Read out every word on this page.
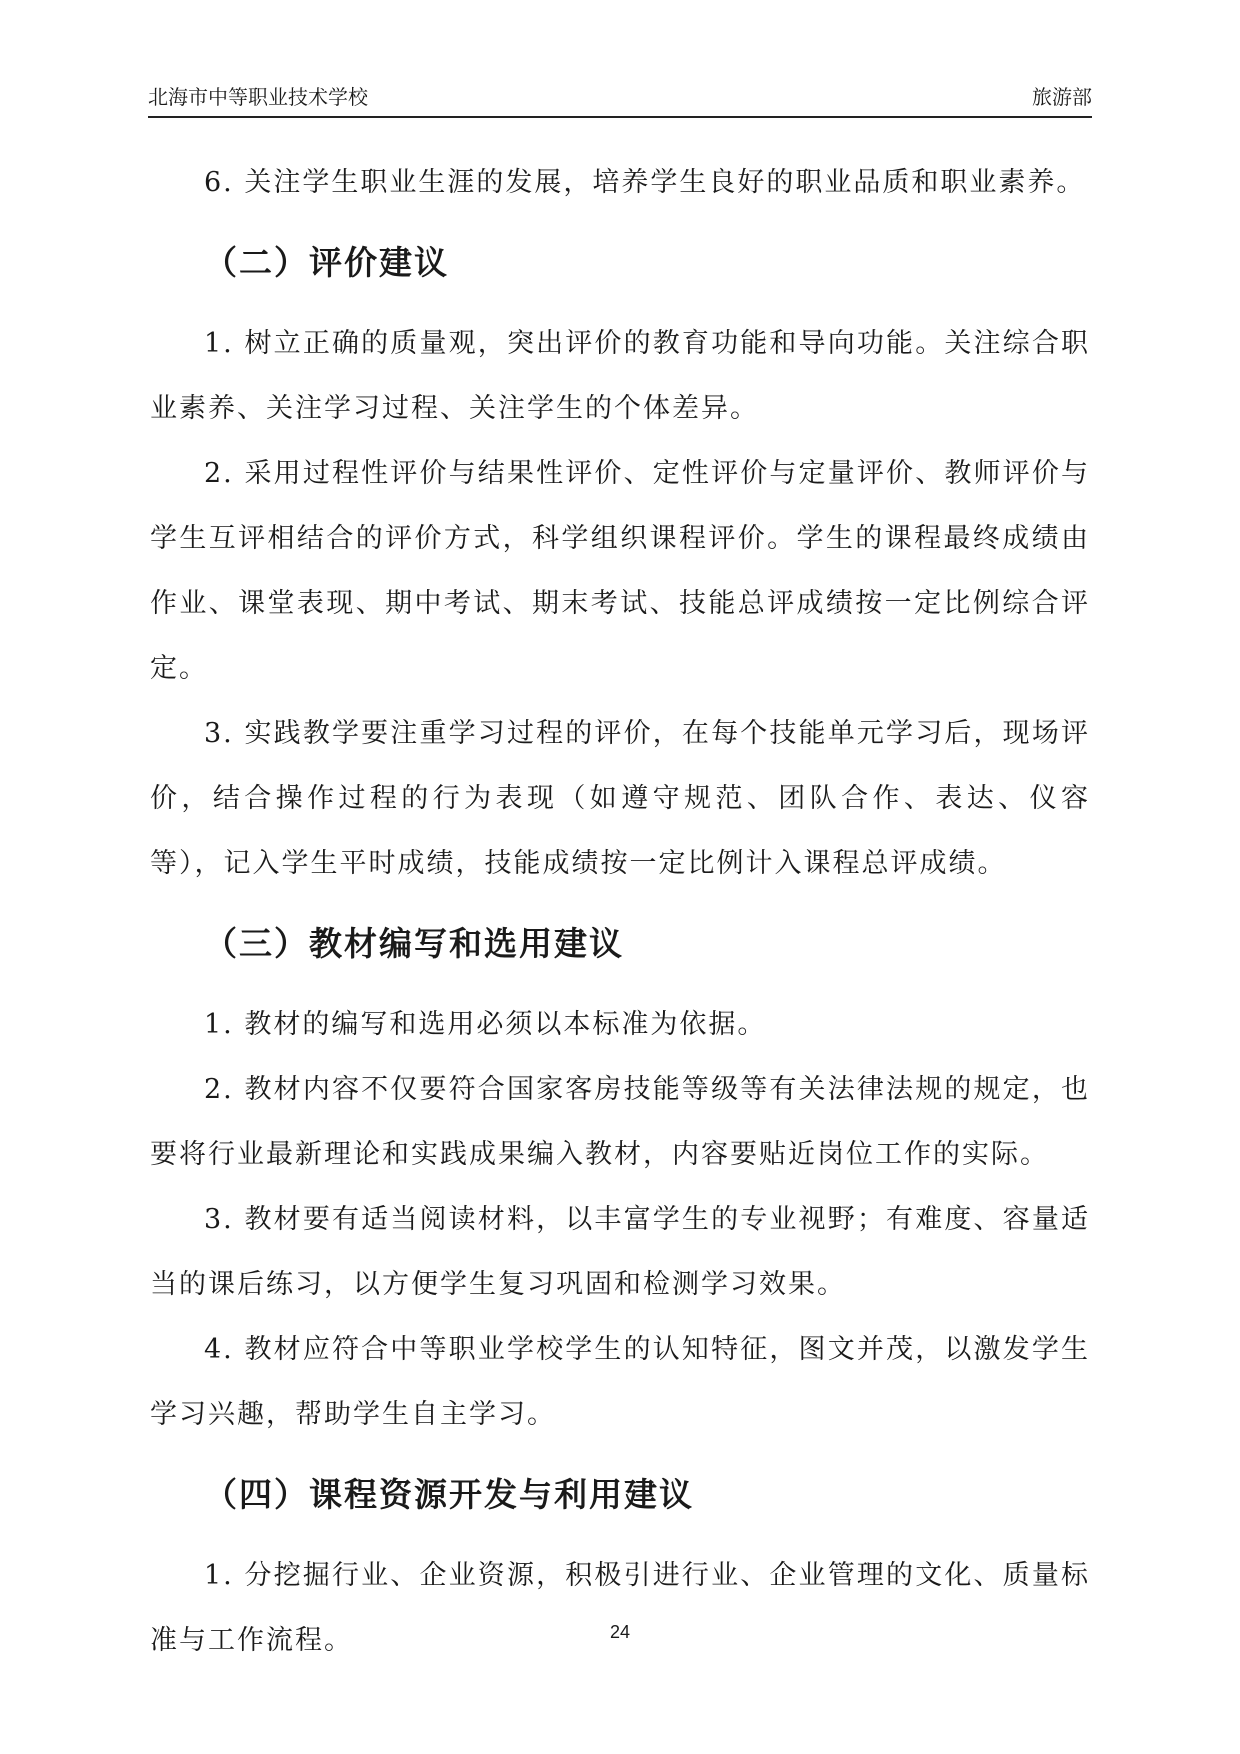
北海市中等职业技术学校	旅游部

6. 关注学生职业生涯的发展，培养学生良好的职业品质和职业素养。

（二）评价建议

1. 树立正确的质量观，突出评价的教育功能和导向功能。关注综合职业素养、关注学习过程、关注学生的个体差异。

2. 采用过程性评价与结果性评价、定性评价与定量评价、教师评价与学生互评相结合的评价方式，科学组织课程评价。学生的课程最终成绩由作业、课堂表现、期中考试、期末考试、技能总评成绩按一定比例综合评定。

3. 实践教学要注重学习过程的评价，在每个技能单元学习后，现场评价，结合操作过程的行为表现（如遵守规范、团队合作、表达、仪容等），记入学生平时成绩，技能成绩按一定比例计入课程总评成绩。

（三）教材编写和选用建议

1. 教材的编写和选用必须以本标准为依据。

2. 教材内容不仅要符合国家客房技能等级等有关法律法规的规定，也要将行业最新理论和实践成果编入教材，内容要贴近岗位工作的实际。

3. 教材要有适当阅读材料，以丰富学生的专业视野；有难度、容量适当的课后练习，以方便学生复习巩固和检测学习效果。

4. 教材应符合中等职业学校学生的认知特征，图文并茂，以激发学生学习兴趣，帮助学生自主学习。

（四）课程资源开发与利用建议

1. 分挖掘行业、企业资源，积极引进行业、企业管理的文化、质量标准与工作流程。	24
